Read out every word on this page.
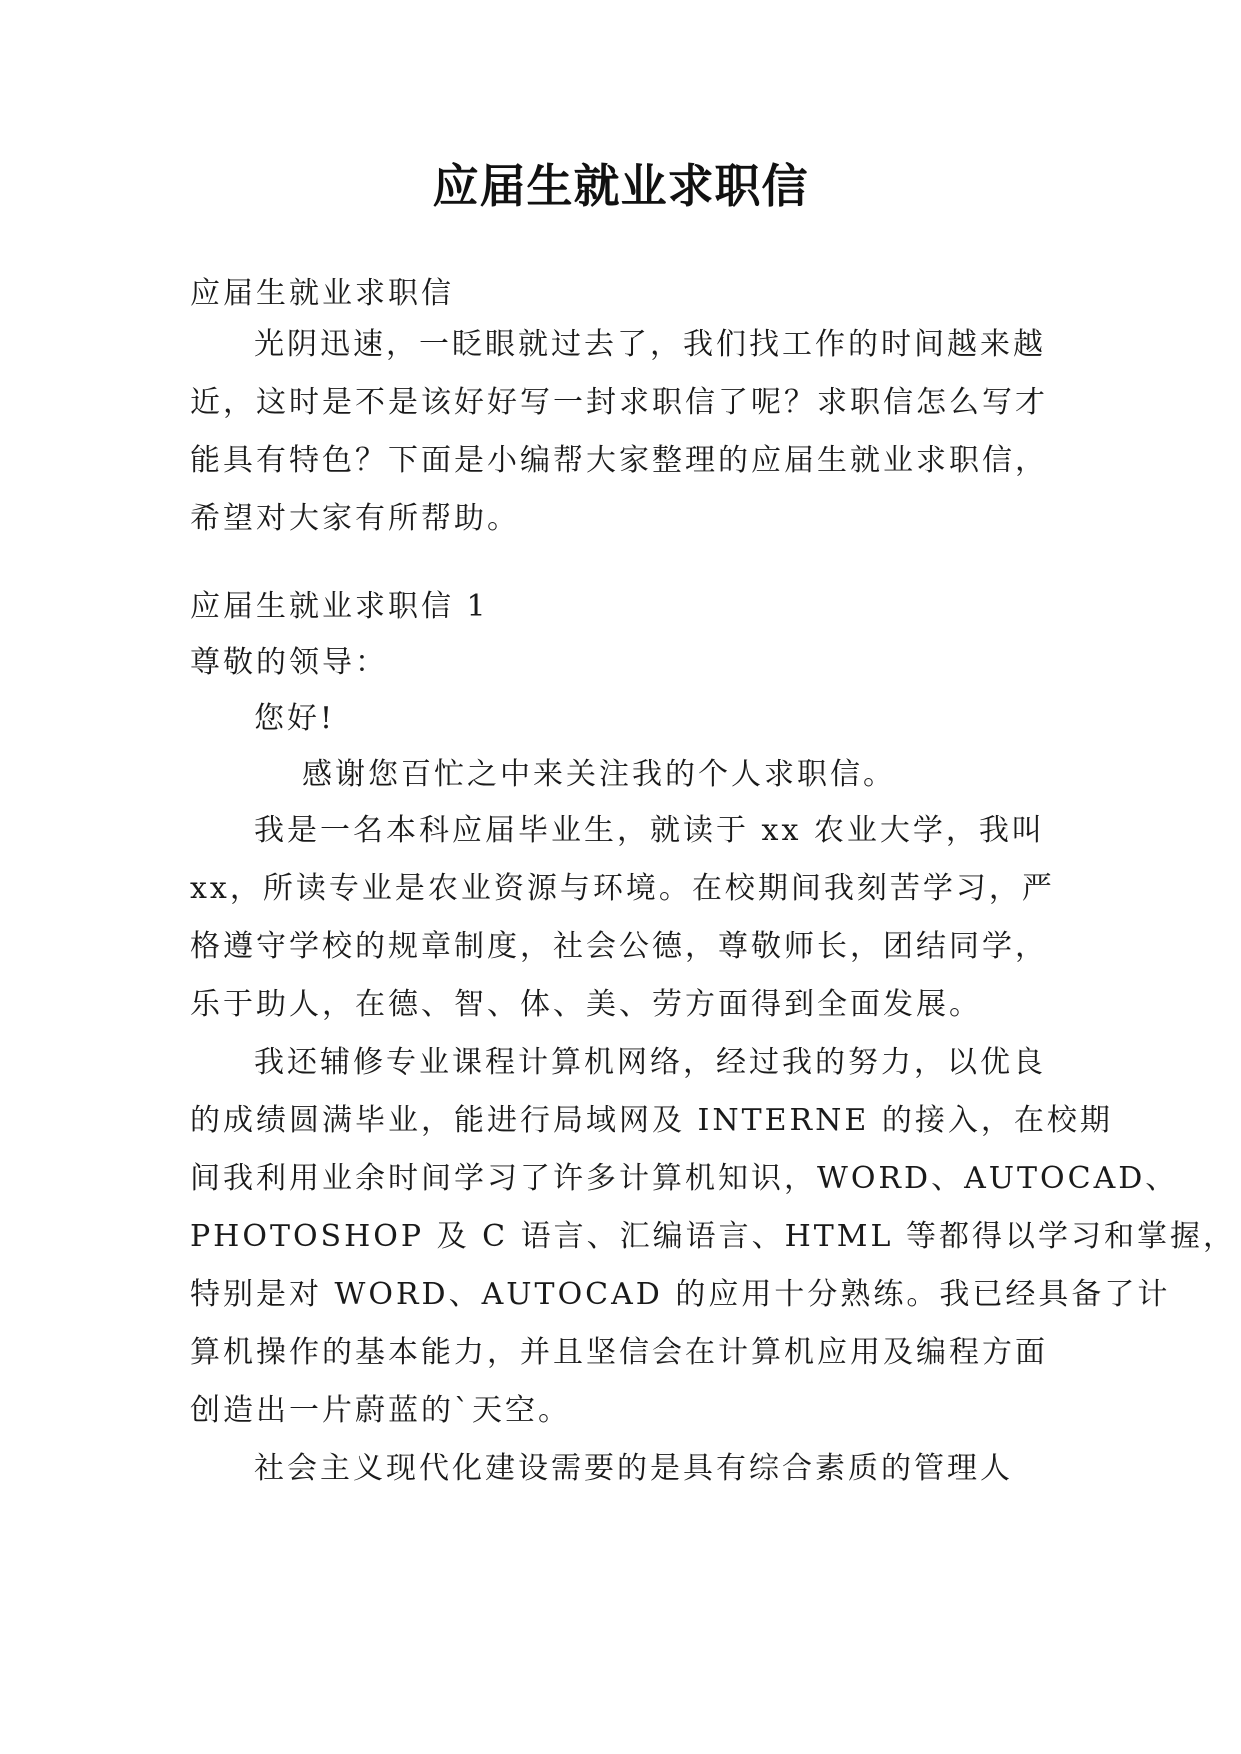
应届生就业求职信
应届生就业求职信
光阴迅速，一眨眼就过去了，我们找工作的时间越来越
近，这时是不是该好好写一封求职信了呢？求职信怎么写才
能具有特色？下面是小编帮大家整理的应届生就业求职信，
希望对大家有所帮助。
应届生就业求职信 1
尊敬的领导：
您好!
感谢您百忙之中来关注我的个人求职信。
我是一名本科应届毕业生，就读于 xx 农业大学，我叫
xx，所读专业是农业资源与环境。在校期间我刻苦学习，严
格遵守学校的规章制度，社会公德，尊敬师长，团结同学，
乐于助人，在德、智、体、美、劳方面得到全面发展。
我还辅修专业课程计算机网络，经过我的努力，以优良
的成绩圆满毕业，能进行局域网及 INTERNE 的接入，在校期
间我利用业余时间学习了许多计算机知识，WORD、AUTOCAD、
PHOTOSHOP 及 C 语言、汇编语言、HTML 等都得以学习和掌握，
特别是对 WORD、AUTOCAD 的应用十分熟练。我已经具备了计
算机操作的基本能力，并且坚信会在计算机应用及编程方面
创造出一片蔚蓝的`天空。
社会主义现代化建设需要的是具有综合素质的管理人
